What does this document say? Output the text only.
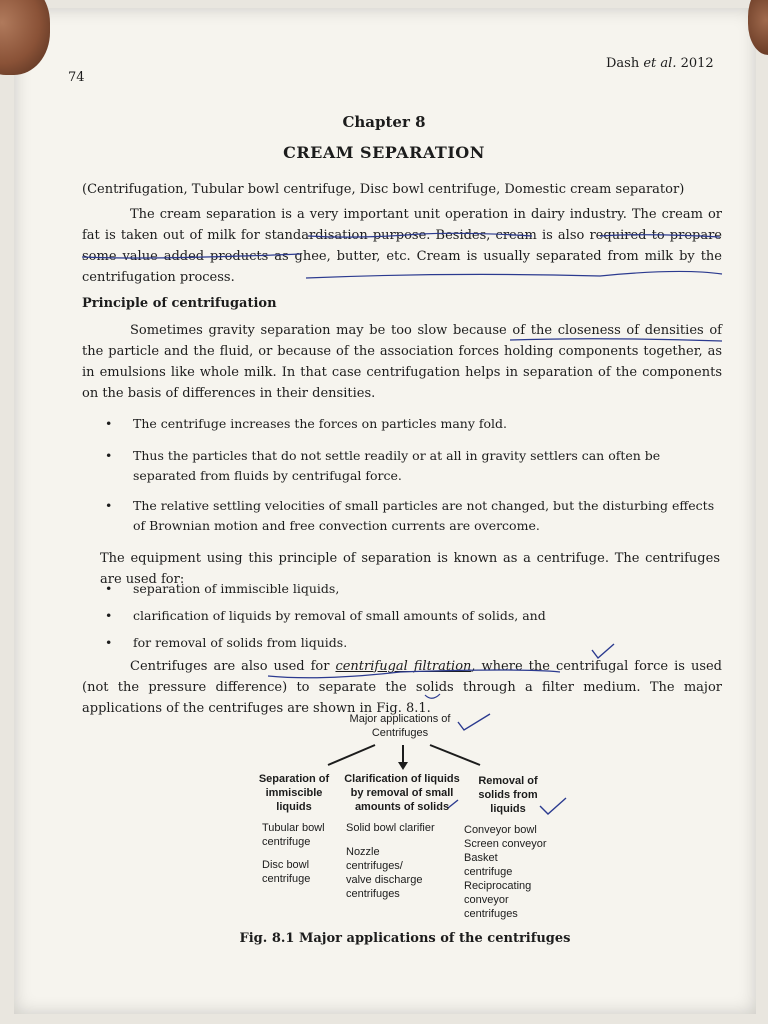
74
Dash et al. 2012
Chapter 8
CREAM SEPARATION
(Centrifugation, Tubular bowl centrifuge, Disc bowl centrifuge, Domestic cream separator)

The cream separation is a very important unit operation in dairy industry. The cream or fat is taken out of milk for standardisation purpose. Besides, cream is also required to prepare some value added products as ghee, butter, etc. Cream is usually separated from milk by the centrifugation process.

Principle of centrifugation

Sometimes gravity separation may be too slow because of the closeness of densities of the particle and the fluid, or because of the association forces holding components together, as in emulsions like whole milk. In that case centrifugation helps in separation of the components on the basis of differences in their densities.

• The centrifuge increases the forces on particles many fold.
• Thus the particles that do not settle readily or at all in gravity settlers can often be separated from fluids by centrifugal force.
• The relative settling velocities of small particles are not changed, but the disturbing effects of Brownian motion and free convection currents are overcome.

The equipment using this principle of separation is known as a centrifuge. The centrifuges are used for:

• separation of immiscible liquids,
• clarification of liquids by removal of small amounts of solids, and
• for removal of solids from liquids.

Centrifuges are also used for centrifugal filtration, where the centrifugal force is used (not the pressure difference) to separate the solids through a filter medium. The major applications of the centrifuges are shown in Fig. 8.1.

Major applications of
Centrifuges
Separation of
immiscible
liquids
Tubular bowl
centrifuge
Disc bowl
centrifuge
Clarification of liquids
by removal of small
amounts of solids
Solid bowl clarifier
Nozzle
centrifuges/
valve discharge
centrifuges
Removal of
solids from
liquids
Conveyor bowl
Screen conveyor
Basket
centrifuge
Reciprocating
conveyor
centrifuges
Fig. 8.1 Major applications of the centrifuges
